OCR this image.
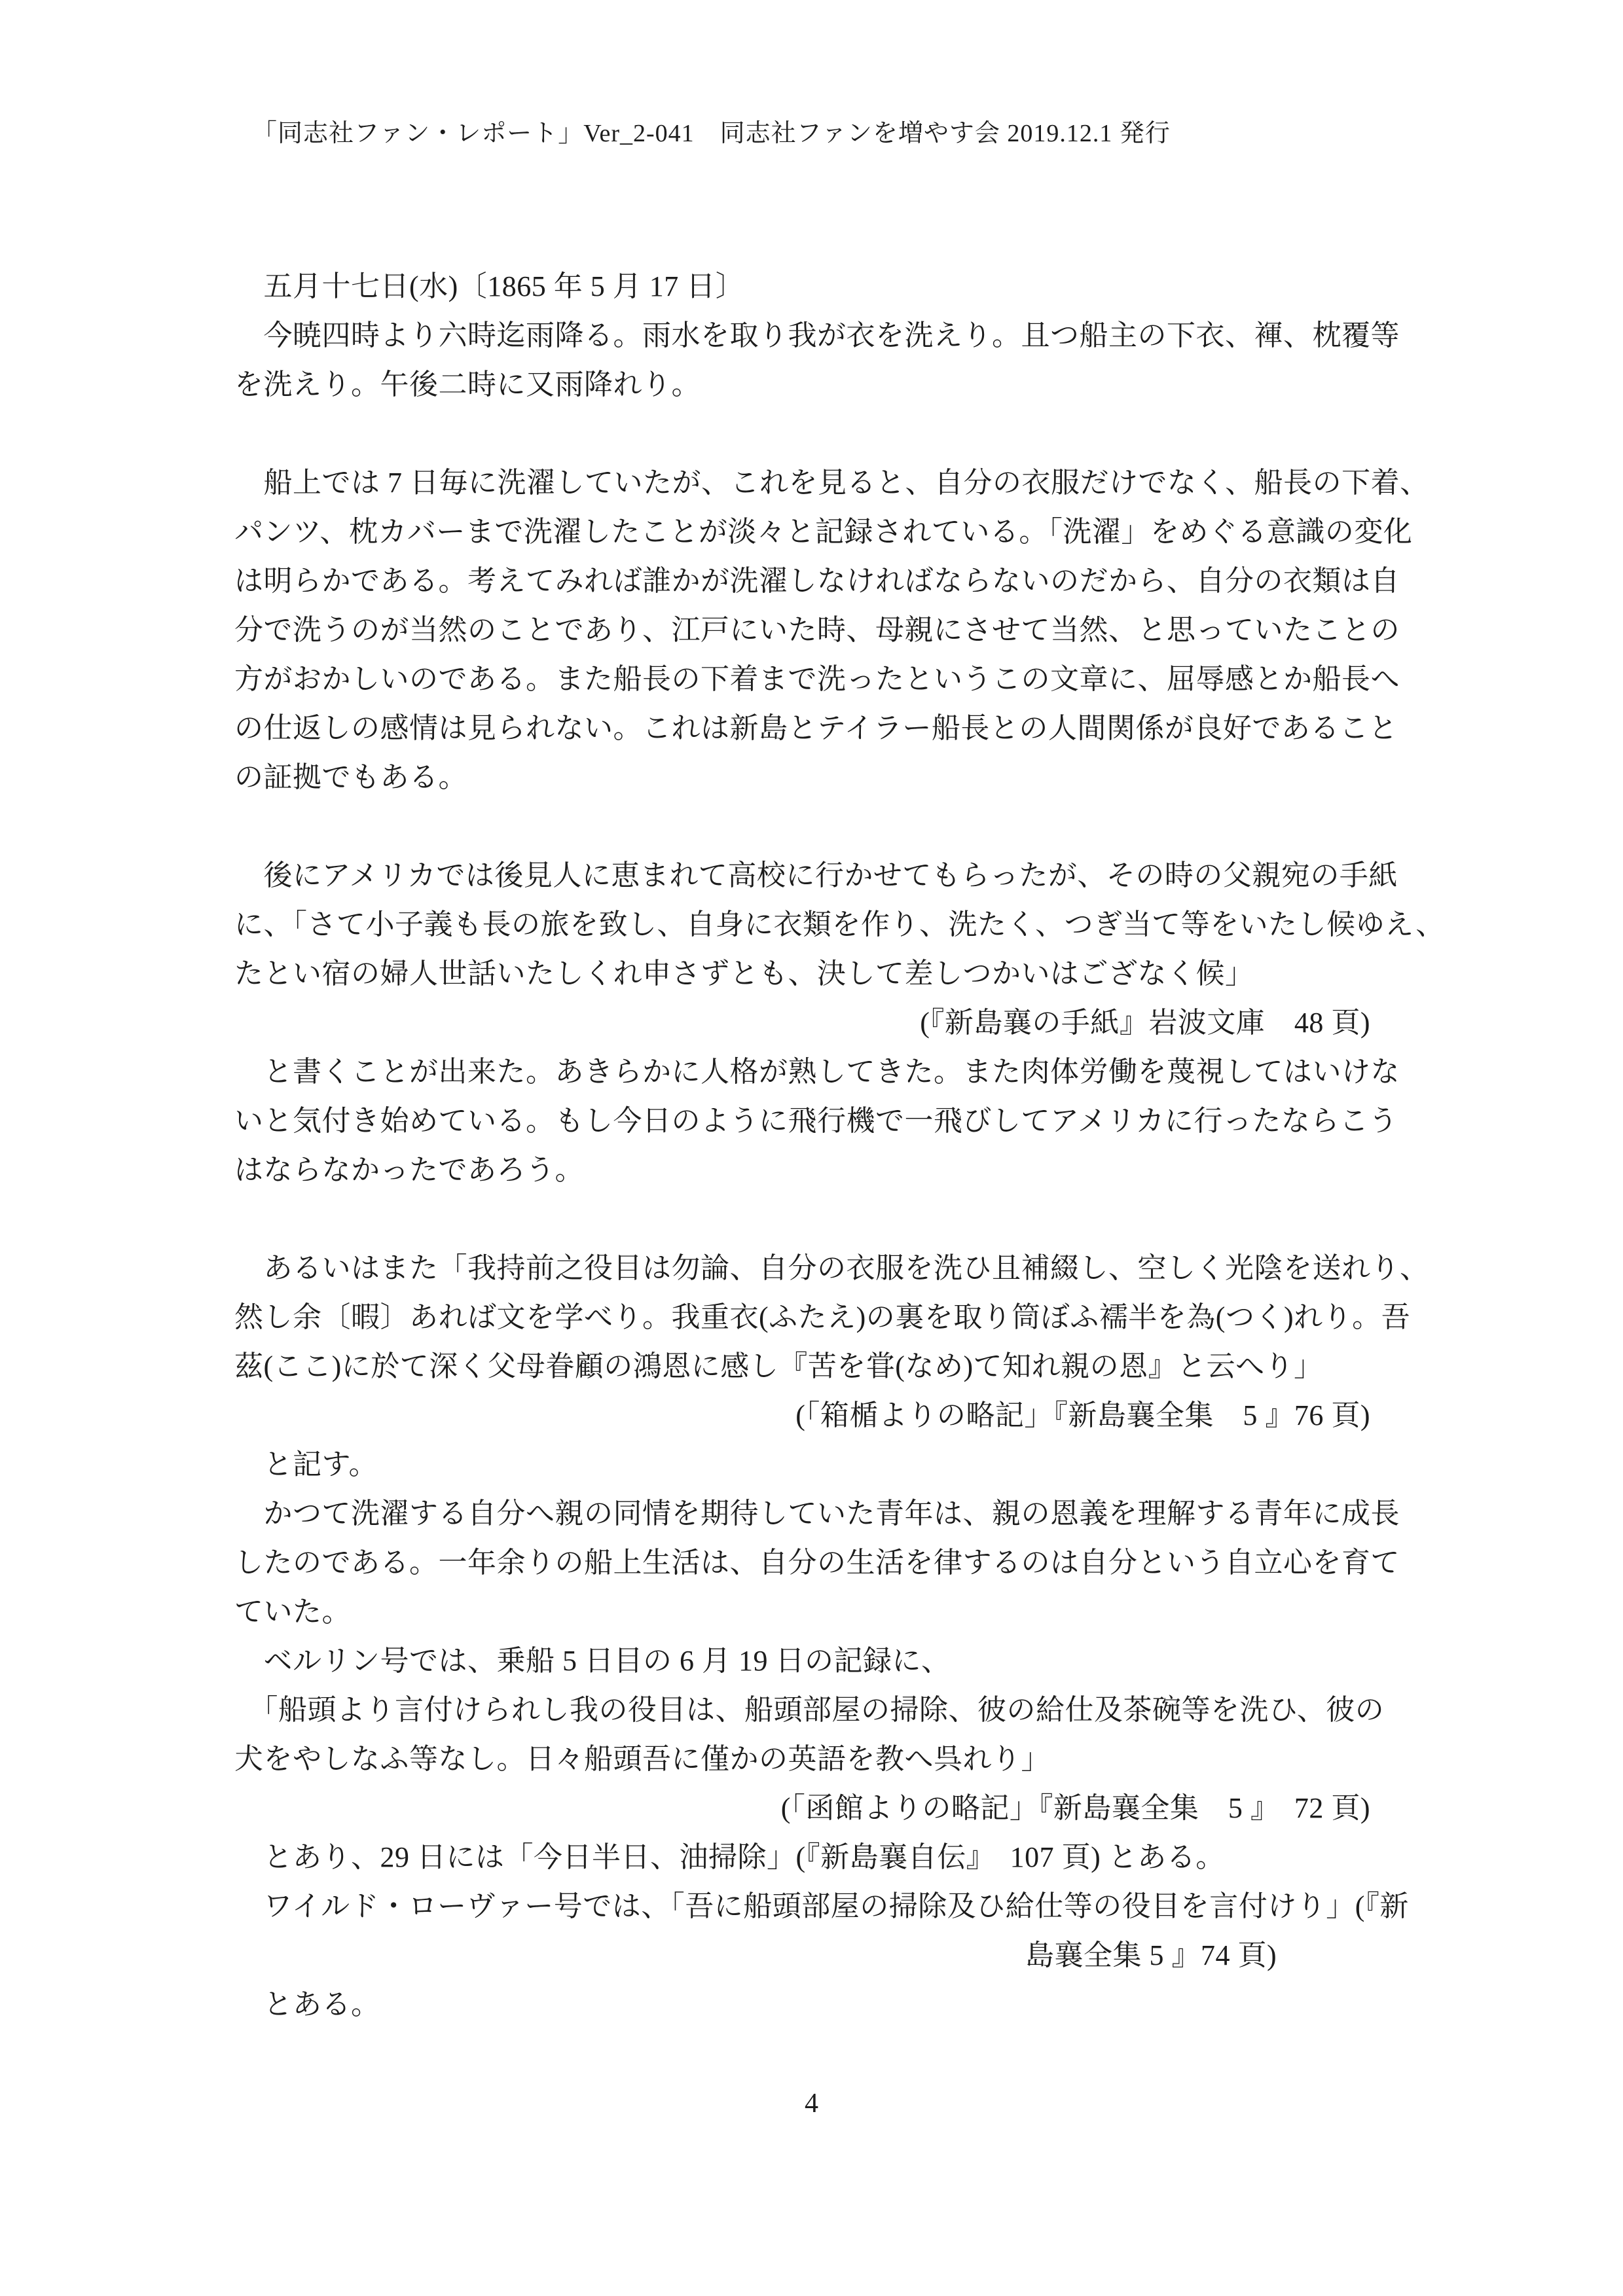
「同志社ファン・レポート」Ver_2-041　同志社ファンを増やす会 2019.12.1 発行
　五月十七日(水)〔1865 年 5 月 17 日〕
　今暁四時より六時迄雨降る。雨水を取り我が衣を洗えり。且つ船主の下衣、褌、枕覆等
を洗えり。午後二時に又雨降れり。

　船上では 7 日毎に洗濯していたが、これを見ると、自分の衣服だけでなく、船長の下着、
パンツ、枕カバーまで洗濯したことが淡々と記録されている。「洗濯」をめぐる意識の変化
は明らかである。考えてみれば誰かが洗濯しなければならないのだから、自分の衣類は自
分で洗うのが当然のことであり、江戸にいた時、母親にさせて当然、と思っていたことの
方がおかしいのである。また船長の下着まで洗ったというこの文章に、屈辱感とか船長へ
の仕返しの感情は見られない。これは新島とテイラー船長との人間関係が良好であること
の証拠でもある。

　後にアメリカでは後見人に恵まれて高校に行かせてもらったが、その時の父親宛の手紙
に、「さて小子義も長の旅を致し、自身に衣類を作り、洗たく、つぎ当て等をいたし候ゆえ、
たとい宿の婦人世話いたしくれ申さずとも、決して差しつかいはござなく候」
(『新島襄の手紙』岩波文庫　48 頁)
　と書くことが出来た。あきらかに人格が熟してきた。また肉体労働を蔑視してはいけな
いと気付き始めている。もし今日のように飛行機で一飛びしてアメリカに行ったならこう
はならなかったであろう。

　あるいはまた「我持前之役目は勿論、自分の衣服を洗ひ且補綴し、空しく光陰を送れり、
然し余〔暇〕あれば文を学べり。我重衣(ふたえ)の裏を取り筒ぼふ襦半を為(つく)れり。吾
茲(ここ)に於て深く父母眷顧の鴻恩に感し『苦を甞(なめ)て知れ親の恩』と云へり」
(「箱楯よりの略記」『新島襄全集　5 』76 頁)
　と記す。
　かつて洗濯する自分へ親の同情を期待していた青年は、親の恩義を理解する青年に成長
したのである。一年余りの船上生活は、自分の生活を律するのは自分という自立心を育て
ていた。
　ベルリン号では、乗船 5 日目の 6 月 19 日の記録に、
　「船頭より言付けられし我の役目は、船頭部屋の掃除、彼の給仕及茶碗等を洗ひ、彼の
犬をやしなふ等なし。日々船頭吾に僅かの英語を教へ呉れり」
(「函館よりの略記」『新島襄全集　5 』　72 頁)
　とあり、29 日には「今日半日、油掃除」(『新島襄自伝』　107 頁) とある。
　ワイルド・ローヴァー号では、「吾に船頭部屋の掃除及ひ給仕等の役目を言付けり」(『新
島襄全集 5 』74 頁)
　とある。
4
